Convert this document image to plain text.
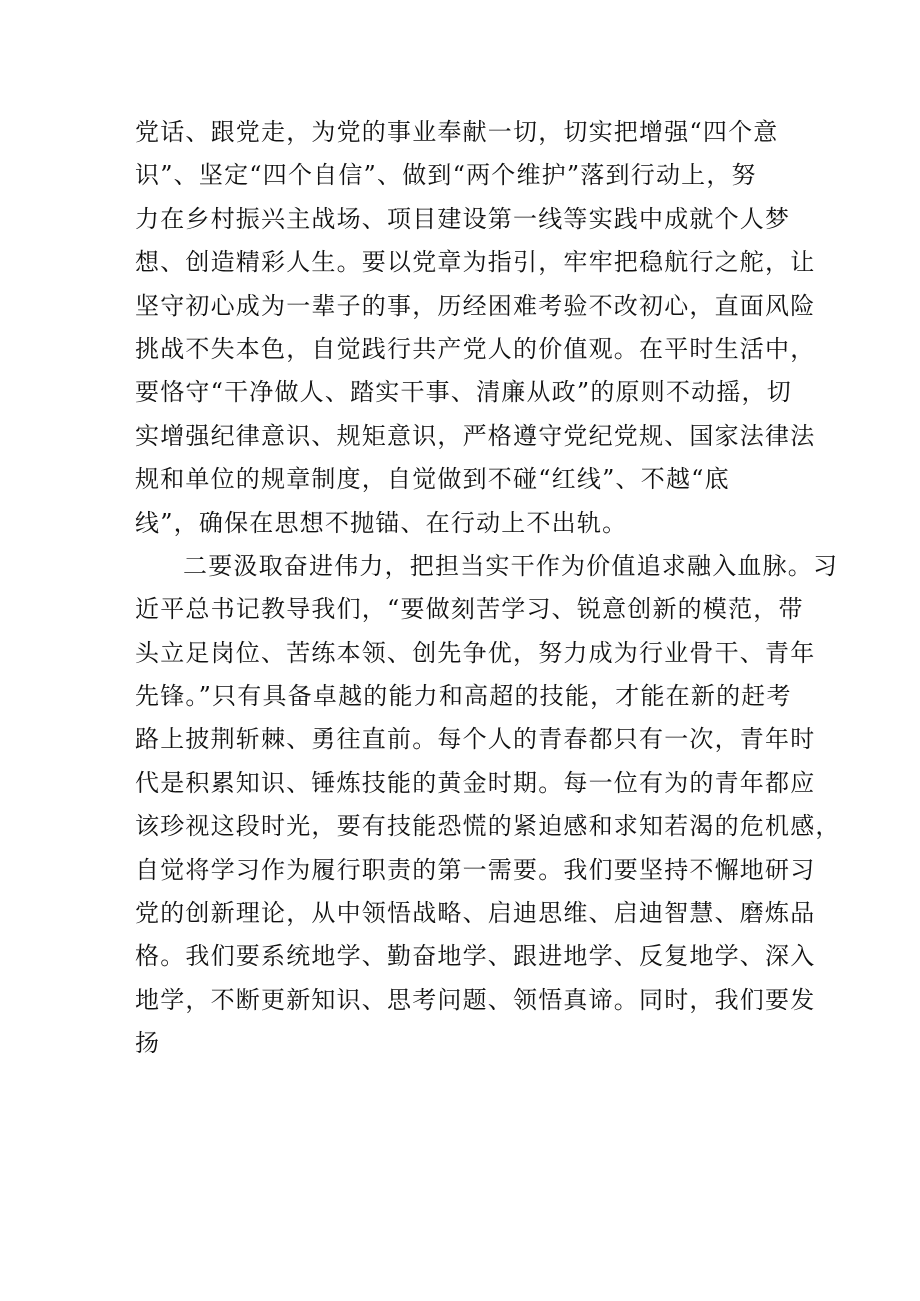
党话、跟党走，为党的事业奉献一切，切实把增强“四个意
识”、坚定“四个自信”、做到“两个维护”落到行动上，努
力在乡村振兴主战场、项目建设第一线等实践中成就个人梦
想、创造精彩人生。要以党章为指引，牢牢把稳航行之舵，让
坚守初心成为一辈子的事，历经困难考验不改初心，直面风险
挑战不失本色，自觉践行共产党人的价值观。在平时生活中，
要恪守“干净做人、踏实干事、清廉从政”的原则不动摇，切
实增强纪律意识、规矩意识，严格遵守党纪党规、国家法律法
规和单位的规章制度，自觉做到不碰“红线”、不越“底
线”，确保在思想不抛锚、在行动上不出轨。
二要汲取奋进伟力，把担当实干作为价值追求融入血脉。习
近平总书记教导我们，“要做刻苦学习、锐意创新的模范，带
头立足岗位、苦练本领、创先争优，努力成为行业骨干、青年
先锋。”只有具备卓越的能力和高超的技能，才能在新的赶考
路上披荆斩棘、勇往直前。每个人的青春都只有一次，青年时
代是积累知识、锤炼技能的黄金时期。每一位有为的青年都应
该珍视这段时光，要有技能恐慌的紧迫感和求知若渴的危机感，
自觉将学习作为履行职责的第一需要。我们要坚持不懈地研习
党的创新理论，从中领悟战略、启迪思维、启迪智慧、磨炼品
格。我们要系统地学、勤奋地学、跟进地学、反复地学、深入
地学，不断更新知识、思考问题、领悟真谛。同时，我们要发
扬
